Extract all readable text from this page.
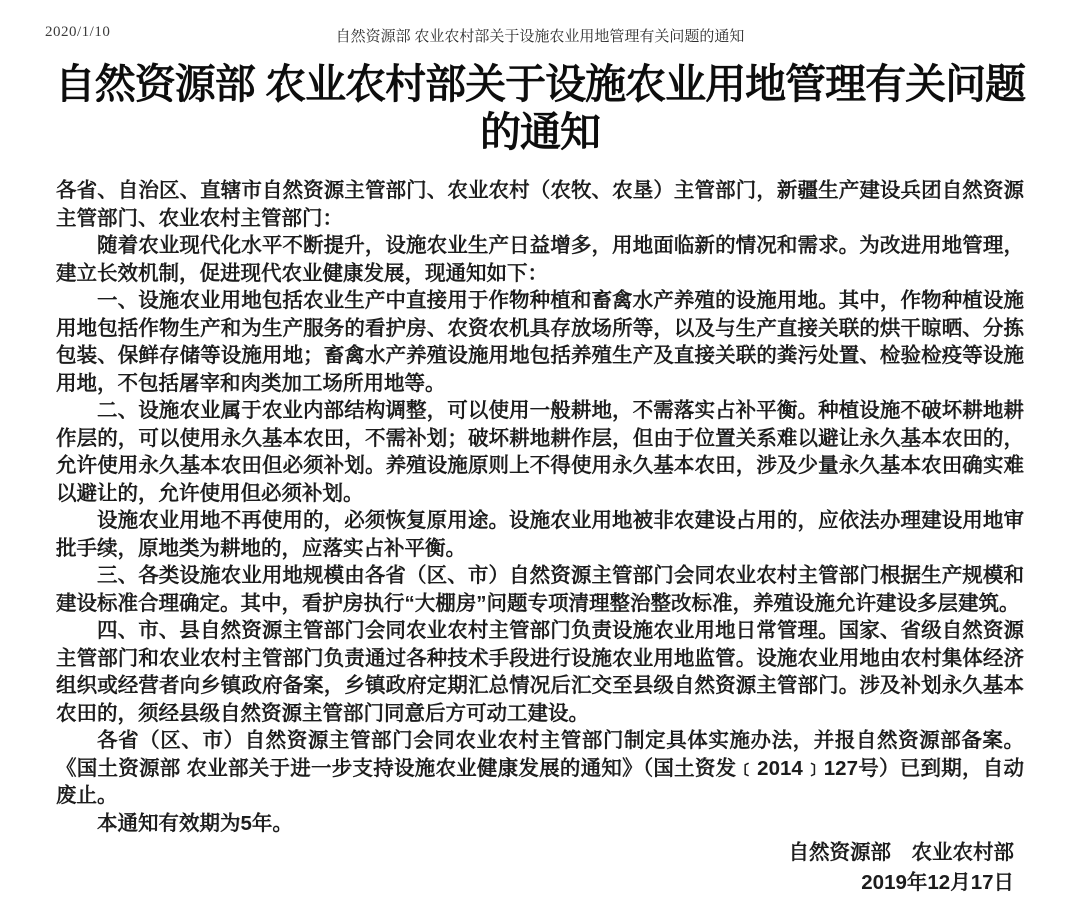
2020/1/10	自然资源部 农业农村部关于设施农业用地管理有关问题的通知
自然资源部 农业农村部关于设施农业用地管理有关问题的通知

各省、自治区、直辖市自然资源主管部门、农业农村（农牧、农垦）主管部门，新疆生产建设兵团自然资源主管部门、农业农村主管部门：

随着农业现代化水平不断提升，设施农业生产日益增多，用地面临新的情况和需求。为改进用地管理，建立长效机制，促进现代农业健康发展，现通知如下：

一、设施农业用地包括农业生产中直接用于作物种植和畜禽水产养殖的设施用地。其中，作物种植设施用地包括作物生产和为生产服务的看护房、农资农机具存放场所等，以及与生产直接关联的烘干晾晒、分拣包装、保鲜存储等设施用地；畜禽水产养殖设施用地包括养殖生产及直接关联的粪污处置、检验检疫等设施用地，不包括屠宰和肉类加工场所用地等。

二、设施农业属于农业内部结构调整，可以使用一般耕地，不需落实占补平衡。种植设施不破坏耕地耕作层的，可以使用永久基本农田，不需补划；破坏耕地耕作层，但由于位置关系难以避让永久基本农田的，允许使用永久基本农田但必须补划。养殖设施原则上不得使用永久基本农田，涉及少量永久基本农田确实难以避让的，允许使用但必须补划。

设施农业用地不再使用的，必须恢复原用途。设施农业用地被非农建设占用的，应依法办理建设用地审批手续，原地类为耕地的，应落实占补平衡。

三、各类设施农业用地规模由各省（区、市）自然资源主管部门会同农业农村主管部门根据生产规模和建设标准合理确定。其中，看护房执行“大棚房”问题专项清理整治整改标准，养殖设施允许建设多层建筑。

四、市、县自然资源主管部门会同农业农村主管部门负责设施农业用地日常管理。国家、省级自然资源主管部门和农业农村主管部门负责通过各种技术手段进行设施农业用地监管。设施农业用地由农村集体经济组织或经营者向乡镇政府备案，乡镇政府定期汇总情况后汇交至县级自然资源主管部门。涉及补划永久基本农田的，须经县级自然资源主管部门同意后方可动工建设。

各省（区、市）自然资源主管部门会同农业农村主管部门制定具体实施办法，并报自然资源部备案。《国土资源部 农业部关于进一步支持设施农业健康发展的通知》（国土资发﹝2014﹞127号）已到期，自动废止。

本通知有效期为5年。

自然资源部　农业农村部

2019年12月17日
